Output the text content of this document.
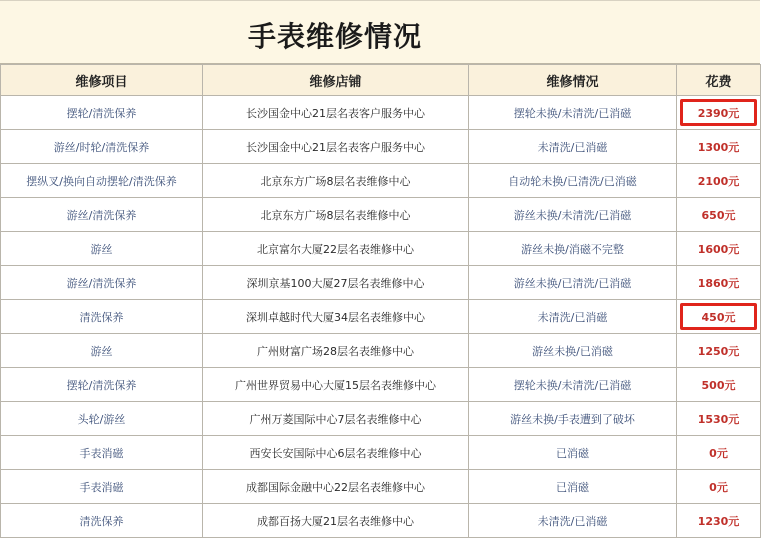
手表维修情况
维修项目	维修店铺	维修情况	花费
摆轮/清洗保养	长沙国金中心21层名表客户服务中心	摆轮未换/未清洗/已消磁	2390元
游丝/时轮/清洗保养	长沙国金中心21层名表客户服务中心	未清洗/已消磁	1300元
摆纵叉/换向自动摆轮/清洗保养	北京东方广场8层名表维修中心	自动轮未换/已清洗/已消磁	2100元
游丝/清洗保养	北京东方广场8层名表维修中心	游丝未换/未清洗/已消磁	650元
游丝	北京富尔大厦22层名表维修中心	游丝未换/消磁不完整	1600元
游丝/清洗保养	深圳京基100大厦27层名表维修中心	游丝未换/已清洗/已消磁	1860元
清洗保养	深圳卓越时代大厦34层名表维修中心	未清洗/已消磁	450元
游丝	广州财富广场28层名表维修中心	游丝未换/已消磁	1250元
摆轮/清洗保养	广州世界贸易中心大厦15层名表维修中心	摆轮未换/未清洗/已消磁	500元
头轮/游丝	广州万菱国际中心7层名表维修中心	游丝未换/手表遭到了破坏	1530元
手表消磁	西安长安国际中心6层名表维修中心	已消磁	0元
手表消磁	成都国际金融中心22层名表维修中心	已消磁	0元
清洗保养	成都百扬大厦21层名表维修中心	未清洗/已消磁	1230元
